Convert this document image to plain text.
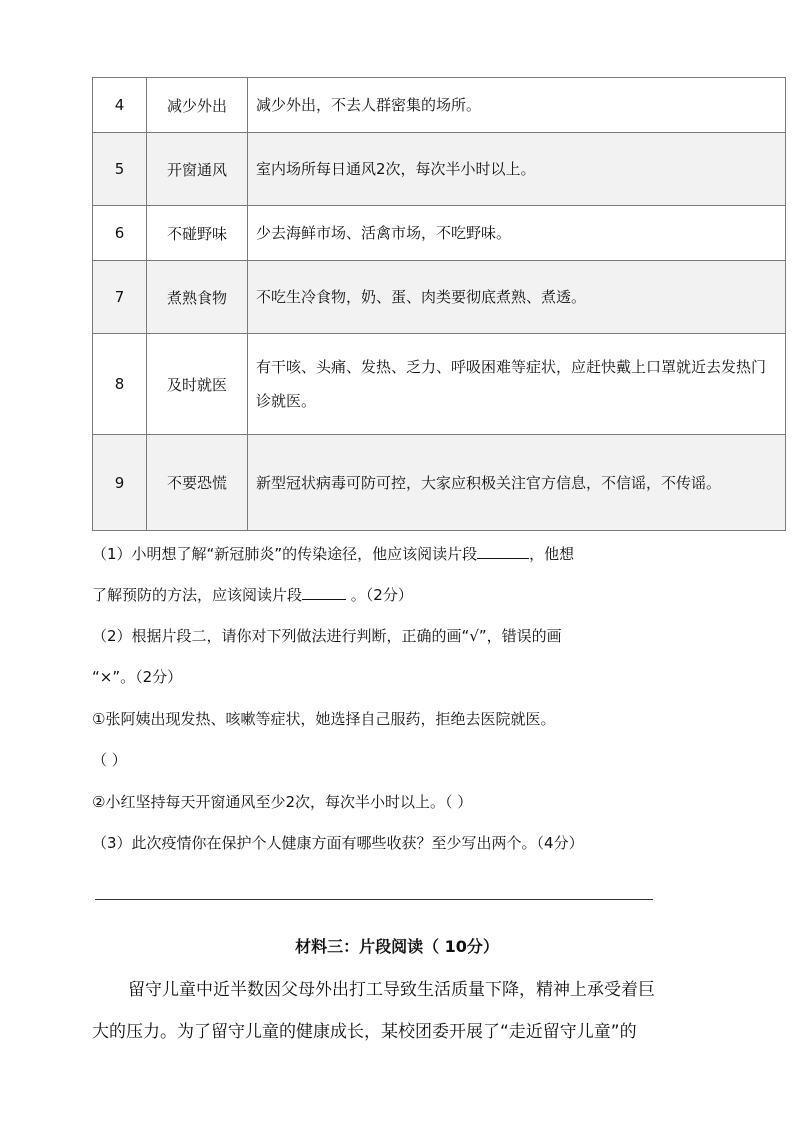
4	减少外出	减少外出，不去人群密集的场所。
5	开窗通风	室内场所每日通风2次，每次半小时以上。
6	不碰野味	少去海鲜市场、活禽市场，不吃野味。
7	煮熟食物	不吃生冷食物，奶、蛋、肉类要彻底煮熟、煮透。
8	及时就医	有干咳、头痛、发热、乏力、呼吸困难等症状，应赶快戴上口罩就近去发热门诊就医。
9	不要恐慌	新型冠状病毒可防可控，大家应积极关注官方信息，不信谣，不传谣。
（1）小明想了解“新冠肺炎”的传染途径，他应该阅读片段	，他想
了解预防的方法，应该阅读片段	。（2分）
（2）根据片段二，请你对下列做法进行判断，正确的画“√”，错误的画
“×”。（2分）
①张阿姨出现发热、咳嗽等症状，她选择自己服药，拒绝去医院就医。
（ ）
②小红坚持每天开窗通风至少2次，每次半小时以上。（ ）
（3）此次疫情你在保护个人健康方面有哪些收获？至少写出两个。（4分）
材料三：片段阅读（ 10分）
留守儿童中近半数因父母外出打工导致生活质量下降，精神上承受着巨
大的压力。为了留守儿童的健康成长，某校团委开展了“走近留守儿童”的
